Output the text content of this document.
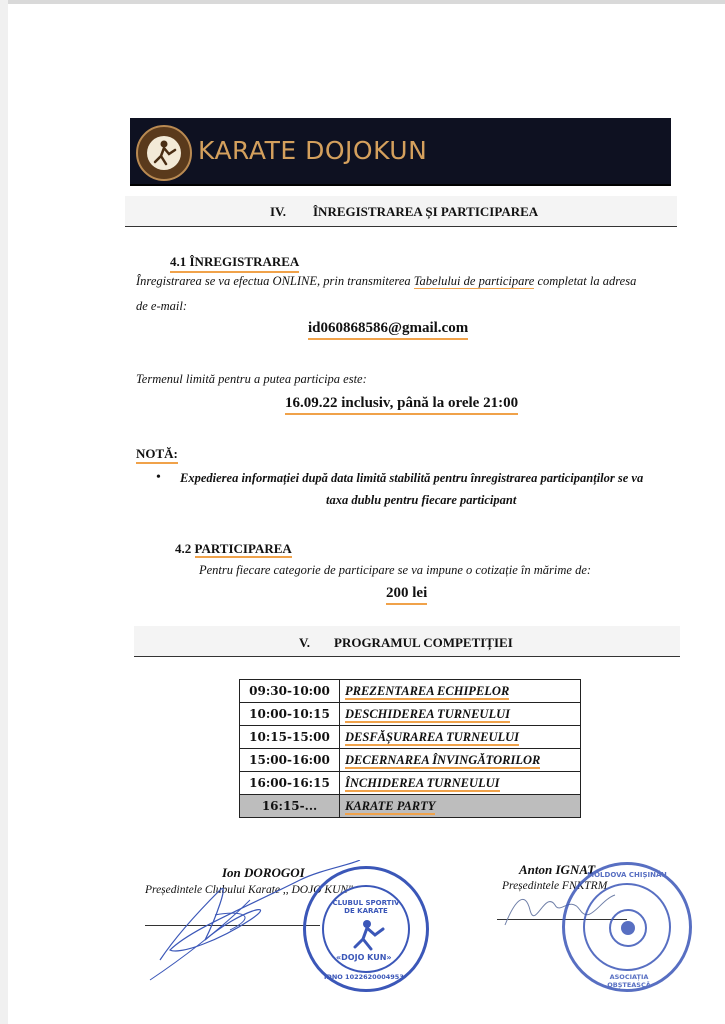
KARATE DOJOKUN
IV. ÎNREGISTRAREA ȘI PARTICIPAREA
4.1 ÎNREGISTRAREA
Înregistrarea se va efectua ONLINE, prin transmiterea Tabelului de participare completat la adresa
de e-mail:
id060868586@gmail.com
Termenul limită pentru a putea participa este:
16.09.22 inclusiv, până la orele 21:00
NOTĂ:
• Expedierea informației după data limită stabilită pentru înregistrarea participanților se va
taxa dublu pentru fiecare participant
4.2 PARTICIPAREA
Pentru fiecare categorie de participare se va impune o cotizație în mărime de:
200 lei
V. PROGRAMUL COMPETIȚIEI
09:30-10:00	PREZENTAREA ECHIPELOR
10:00-10:15	DESCHIDEREA TURNEULUI
10:15-15:00	DESFĂȘURAREA TURNEULUI
15:00-16:00	DECERNAREA ÎNVINGĂTORILOR
16:00-16:15	ÎNCHIDEREA TURNEULUI
16:15-...	KARATE PARTY
Ion DOROGOI
Președintele Clubului Karate ,, DOJO KUN"
CLUBUL SPORTIV DE KARATE
«DOJO KUN»
IDNO 1022620004953
Anton IGNAT
Președintele FNKTRM
MOLDOVA CHIȘINĂU
ASOCIAȚIA OBȘTEASCĂ
